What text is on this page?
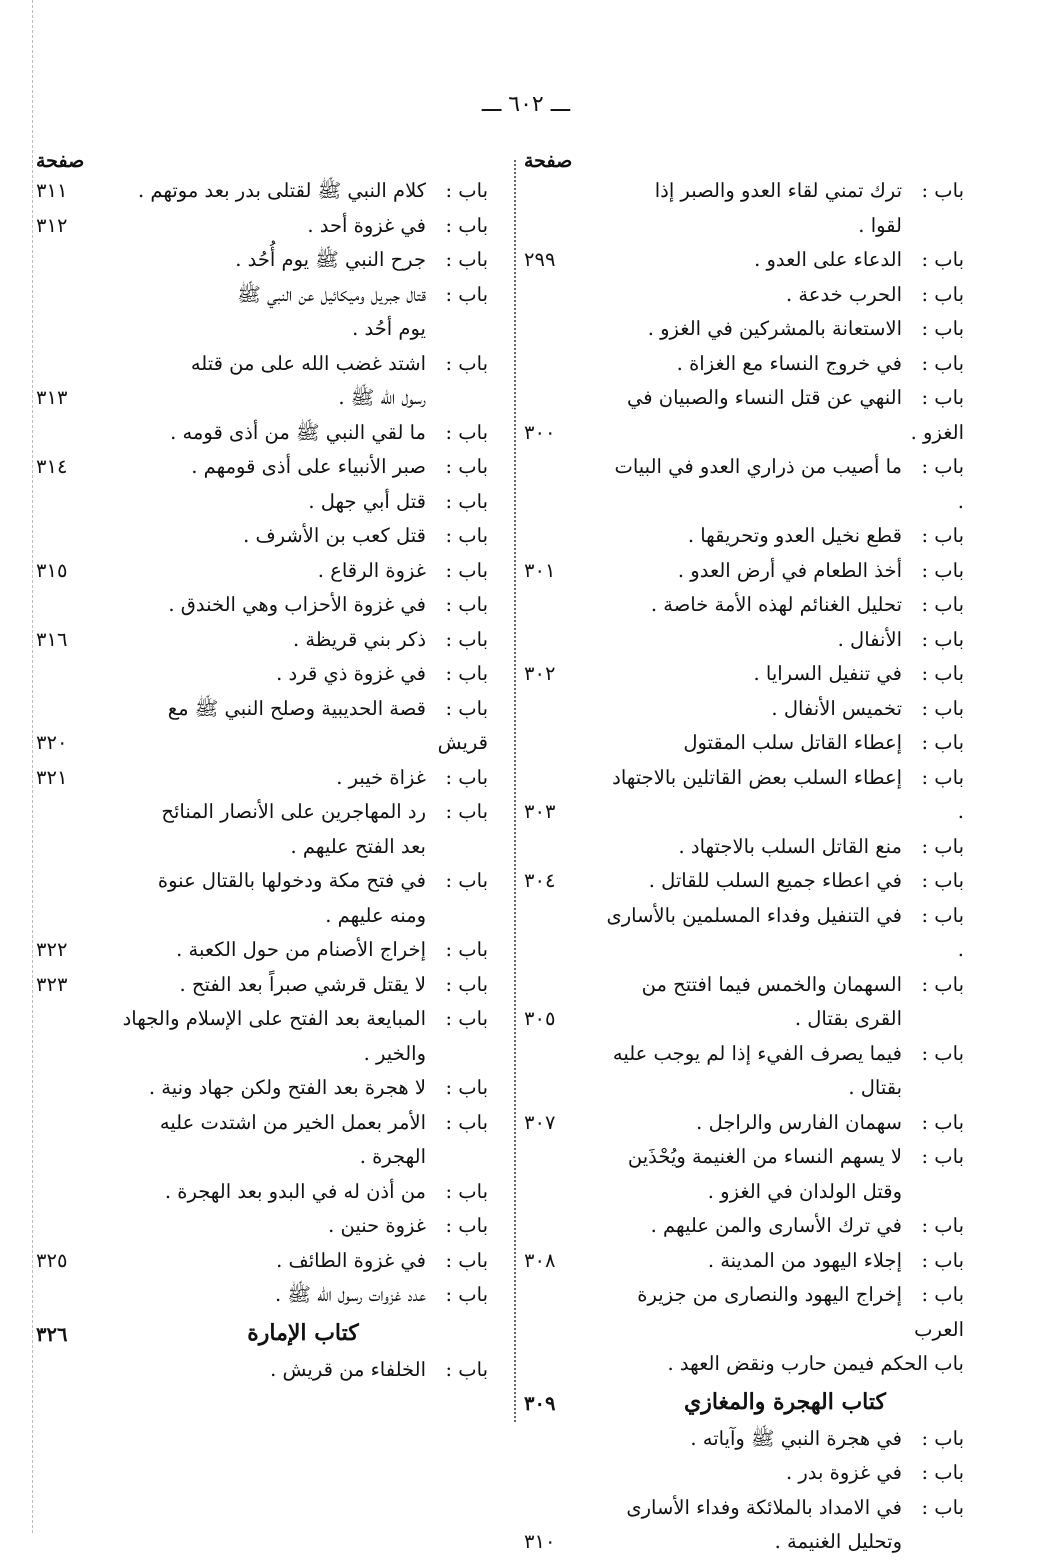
ـــ ٦٠٢ ـــ
صفحة
باب :ترك تمني لقاء العدو والصبر إذا
لقوا .
باب :الدعاء على العدو .
٢٩٩
باب :الحرب خدعة .
باب :الاستعانة بالمشركين في الغزو .
باب :في خروج النساء مع الغزاة .
باب :النهي عن قتل النساء والصبيان في الغزو .
٣٠٠
باب :ما أصيب من ذراري العدو في البيات .
باب :قطع نخيل العدو وتحريقها .
باب :أخذ الطعام في أرض العدو .
٣٠١
باب :تحليل الغنائم لهذه الأمة خاصة .
باب :الأنفال .
باب :في تنفيل السرايا .
٣٠٢
باب :تخميس الأنفال .
باب :إعطاء القاتل سلب المقتول
باب :إعطاء السلب بعض القاتلين بالاجتهاد .
٣٠٣
باب :منع القاتل السلب بالاجتهاد .
باب :في اعطاء جميع السلب للقاتل .
٣٠٤
باب :في التنفيل وفداء المسلمين بالأسارى .
باب :السهمان والخمس فيما افتتح من
القرى بقتال .
٣٠٥
باب :فيما يصرف الفيء إذا لم يوجب عليه
بقتال .
باب :سهمان الفارس والراجل .
٣٠٧
باب :لا يسهم النساء من الغنيمة ويُحْذَين
وقتل الولدان في الغزو .
باب :في ترك الأسارى والمن عليهم .
باب :إجلاء اليهود من المدينة .
٣٠٨
باب :إخراج اليهود والنصارى من جزيرة العرب
باب الحكم فيمن حارب ونقض العهد .
كتاب الهجرة والمغازي
٣٠٩
باب :في هجرة النبي ﷺ وآياته .
باب :في غزوة بدر .
باب :في الامداد بالملائكة وفداء الأسارى
وتحليل الغنيمة .
٣١٠
صفحة
باب :كلام النبي ﷺ لقتلى بدر بعد موتهم .
٣١١
باب :في غزوة أحد .
٣١٢
باب :جرح النبي ﷺ يوم أُحُد .
باب :قتال جبريل وميكائيل عن النبي ﷺ
يوم أحُد .
باب :اشتد غضب الله على من قتله
رسول الله ﷺ .
٣١٣
باب :ما لقي النبي ﷺ من أذى قومه .
باب :صبر الأنبياء على أذى قومهم .
٣١٤
باب :قتل أبي جهل .
باب :قتل كعب بن الأشرف .
باب :غزوة الرقاع .
٣١٥
باب :في غزوة الأحزاب وهي الخندق .
باب :ذكر بني قريظة .
٣١٦
باب :في غزوة ذي قرد .
باب :قصة الحديبية وصلح النبي ﷺ مع قريش
٣٢٠
باب :غزاة خيبر .
٣٢١
باب :رد المهاجرين على الأنصار المنائح
بعد الفتح عليهم .
باب :في فتح مكة ودخولها بالقتال عنوة
ومنه عليهم .
باب :إخراج الأصنام من حول الكعبة .
٣٢٢
باب :لا يقتل قرشي صبراً بعد الفتح .
٣٢٣
باب :المبايعة بعد الفتح على الإسلام والجهاد
والخير .
باب :لا هجرة بعد الفتح ولكن جهاد ونية .
باب :الأمر بعمل الخير من اشتدت عليه
الهجرة .
باب :من أذن له في البدو بعد الهجرة .
باب :غزوة حنين .
باب :في غزوة الطائف .
٣٢٥
باب :عدد غزوات رسول الله ﷺ .
كتاب الإمارة
٣٢٦
باب :الخلفاء من قريش .
